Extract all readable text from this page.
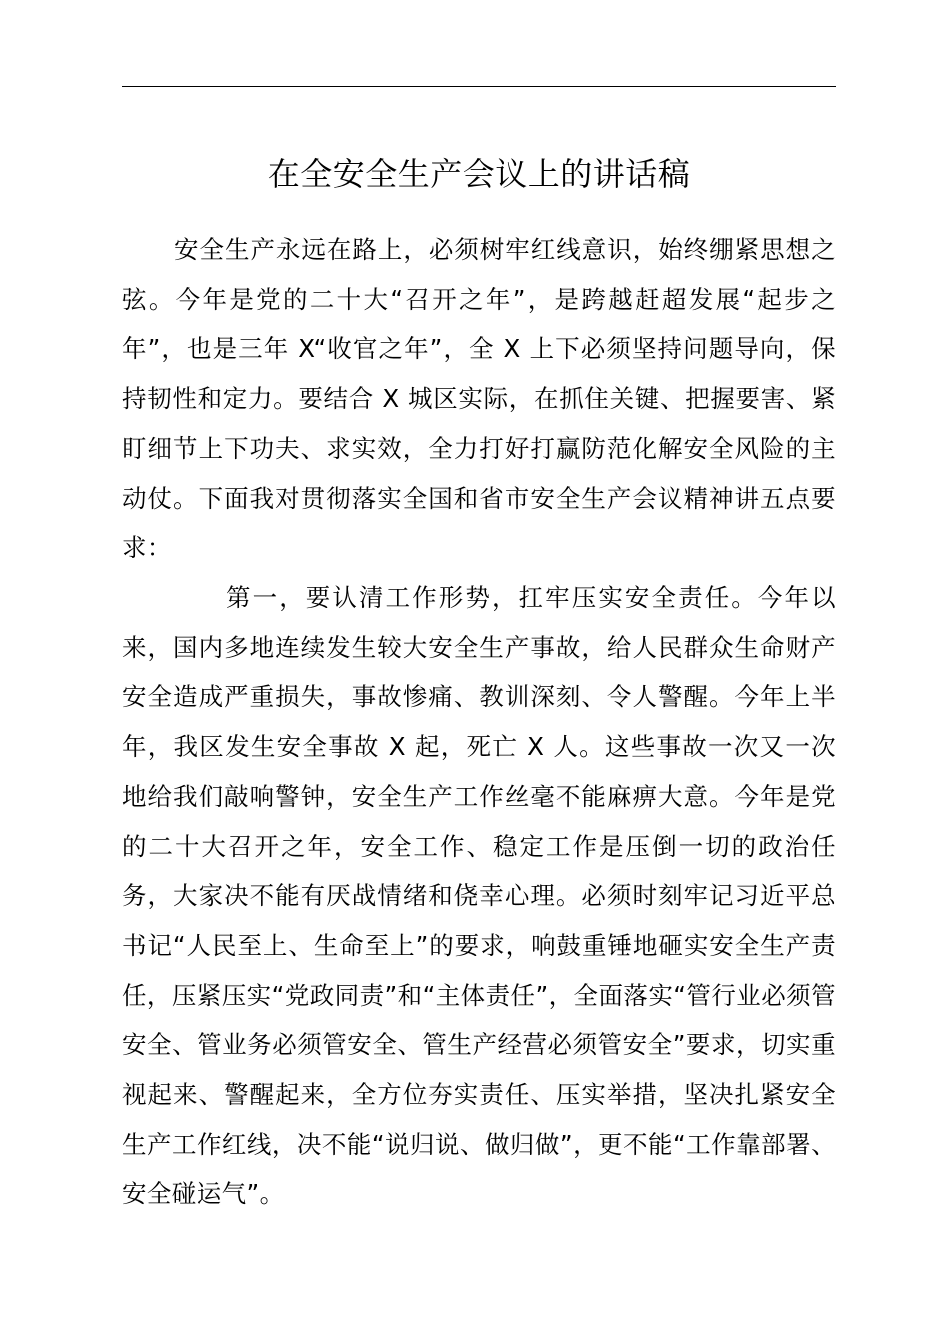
在全安全生产会议上的讲话稿
安全生产永远在路上，必须树牢红线意识，始终绷紧思想之弦。今年是党的二十大“召开之年”，是跨越赶超发展“起步之年”，也是三年 X“收官之年”，全 X 上下必须坚持问题导向，保持韧性和定力。要结合 X 城区实际，在抓住关键、把握要害、紧盯细节上下功夫、求实效，全力打好打赢防范化解安全风险的主动仗。下面我对贯彻落实全国和省市安全生产会议精神讲五点要求：
第一，要认清工作形势，扛牢压实安全责任。今年以来，国内多地连续发生较大安全生产事故，给人民群众生命财产安全造成严重损失，事故惨痛、教训深刻、令人警醒。今年上半年，我区发生安全事故 X 起，死亡 X 人。这些事故一次又一次地给我们敲响警钟，安全生产工作丝毫不能麻痹大意。今年是党的二十大召开之年，安全工作、稳定工作是压倒一切的政治任务，大家决不能有厌战情绪和侥幸心理。必须时刻牢记习近平总书记“人民至上、生命至上”的要求，响鼓重锤地砸实安全生产责任，压紧压实“党政同责”和“主体责任”，全面落实“管行业必须管安全、管业务必须管安全、管生产经营必须管安全”要求，切实重视起来、警醒起来，全方位夯实责任、压实举措，坚决扎紧安全生产工作红线，决不能“说归说、做归做”，更不能“工作靠部署、安全碰运气”。
